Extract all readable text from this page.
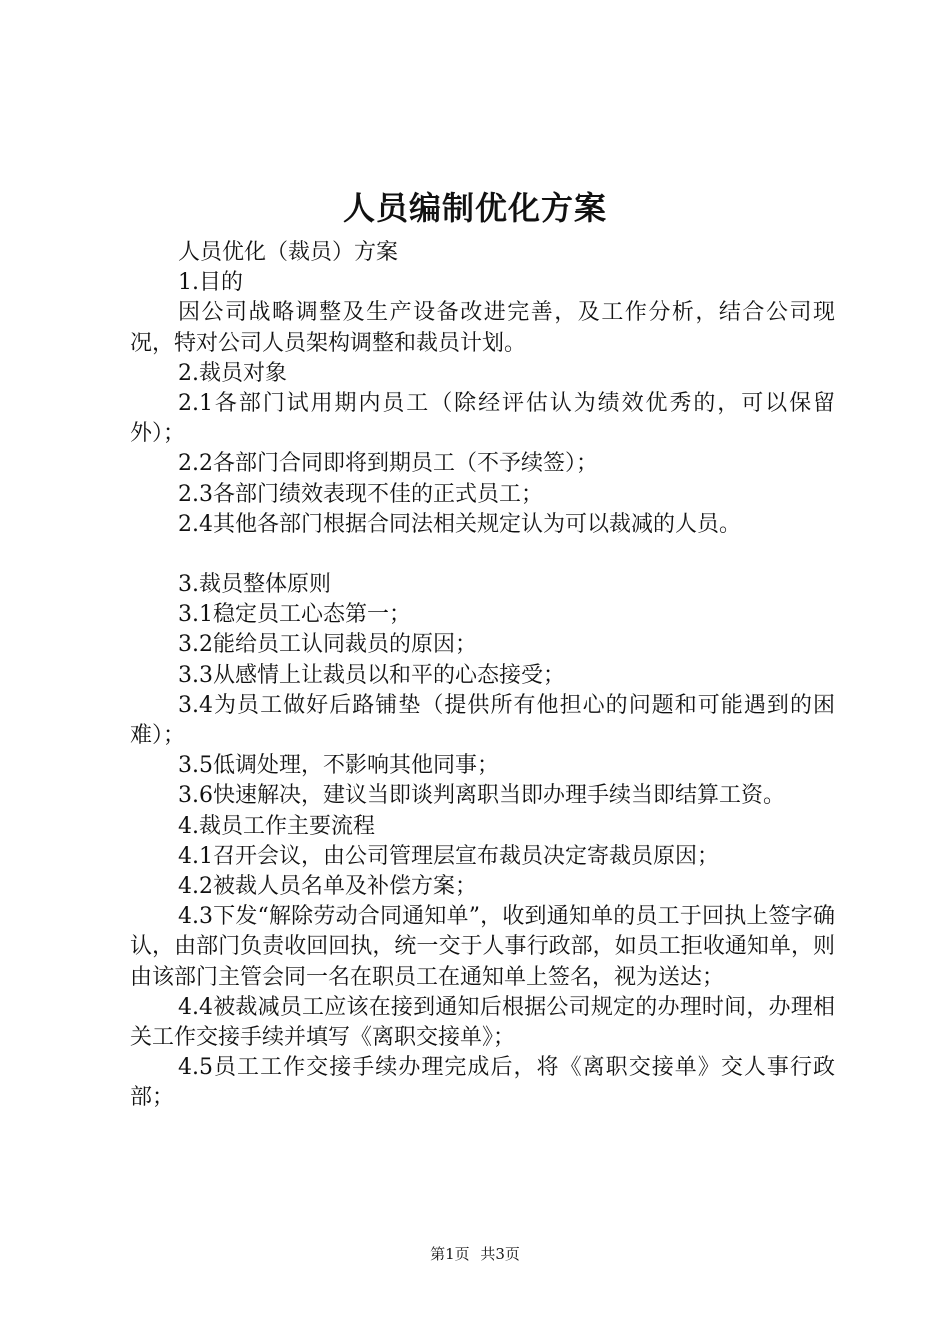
人员编制优化方案

人员优化（裁员）方案

1.目的

因公司战略调整及生产设备改进完善，及工作分析，结合公司现况，特对公司人员架构调整和裁员计划。

2.裁员对象

2.1各部门试用期内员工（除经评估认为绩效优秀的，可以保留外）；

2.2各部门合同即将到期员工（不予续签）；

2.3各部门绩效表现不佳的正式员工；

2.4其他各部门根据合同法相关规定认为可以裁减的人员。

3.裁员整体原则

3.1稳定员工心态第一；

3.2能给员工认同裁员的原因；

3.3从感情上让裁员以和平的心态接受；

3.4为员工做好后路铺垫（提供所有他担心的问题和可能遇到的困难）；

3.5低调处理，不影响其他同事；

3.6快速解决，建议当即谈判离职当即办理手续当即结算工资。

4.裁员工作主要流程

4.1召开会议，由公司管理层宣布裁员决定寄裁员原因；

4.2被裁人员名单及补偿方案；

4.3下发“解除劳动合同通知单”，收到通知单的员工于回执上签字确认，由部门负责收回回执，统一交于人事行政部，如员工拒收通知单，则由该部门主管会同一名在职员工在通知单上签名，视为送达；

4.4被裁减员工应该在接到通知后根据公司规定的办理时间，办理相关工作交接手续并填写《离职交接单》；

4.5员工工作交接手续办理完成后，将《离职交接单》交人事行政部；

第1页 共3页
